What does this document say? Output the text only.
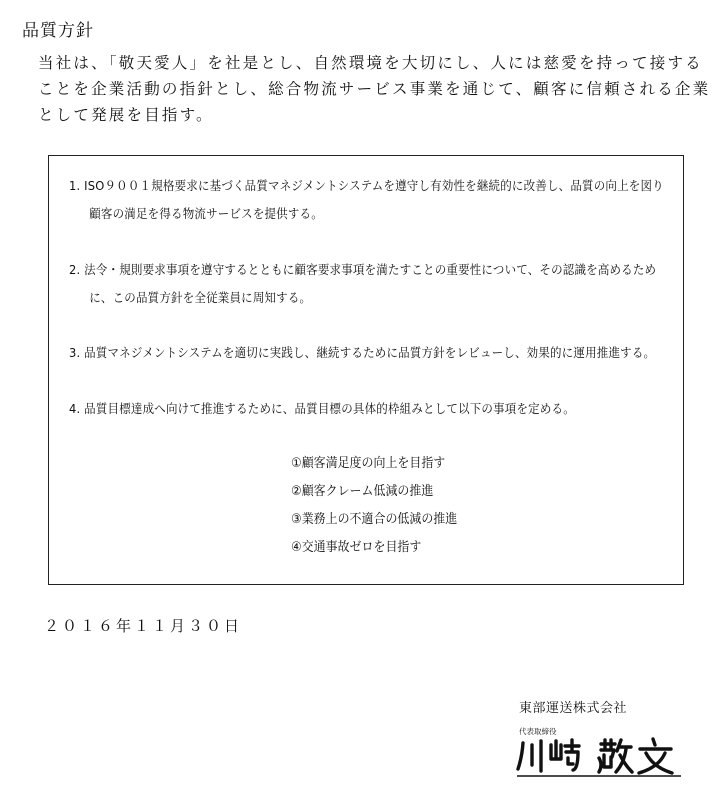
品質方針
当社は、「敬天愛人」を社是とし、自然環境を大切にし、人には慈愛を持って接する
ことを企業活動の指針とし、総合物流サービス事業を通じて、顧客に信頼される企業
として発展を目指す。
1. ISO９００１規格要求に基づく品質マネジメントシステムを遵守し有効性を継続的に改善し、品質の向上を図り
顧客の満足を得る物流サービスを提供する。
2. 法令・規則要求事項を遵守するとともに顧客要求事項を満たすことの重要性について、その認識を高めるため
に、この品質方針を全従業員に周知する。
3. 品質マネジメントシステムを適切に実践し、継続するために品質方針をレビューし、効果的に運用推進する。
4. 品質目標達成へ向けて推進するために、品質目標の具体的枠組みとして以下の事項を定める。
①顧客満足度の向上を目指す
②顧客クレーム低減の推進
③業務上の不適合の低減の推進
④交通事故ゼロを目指す
２０１６年１１月３０日
東部運送株式会社
代表取締役
